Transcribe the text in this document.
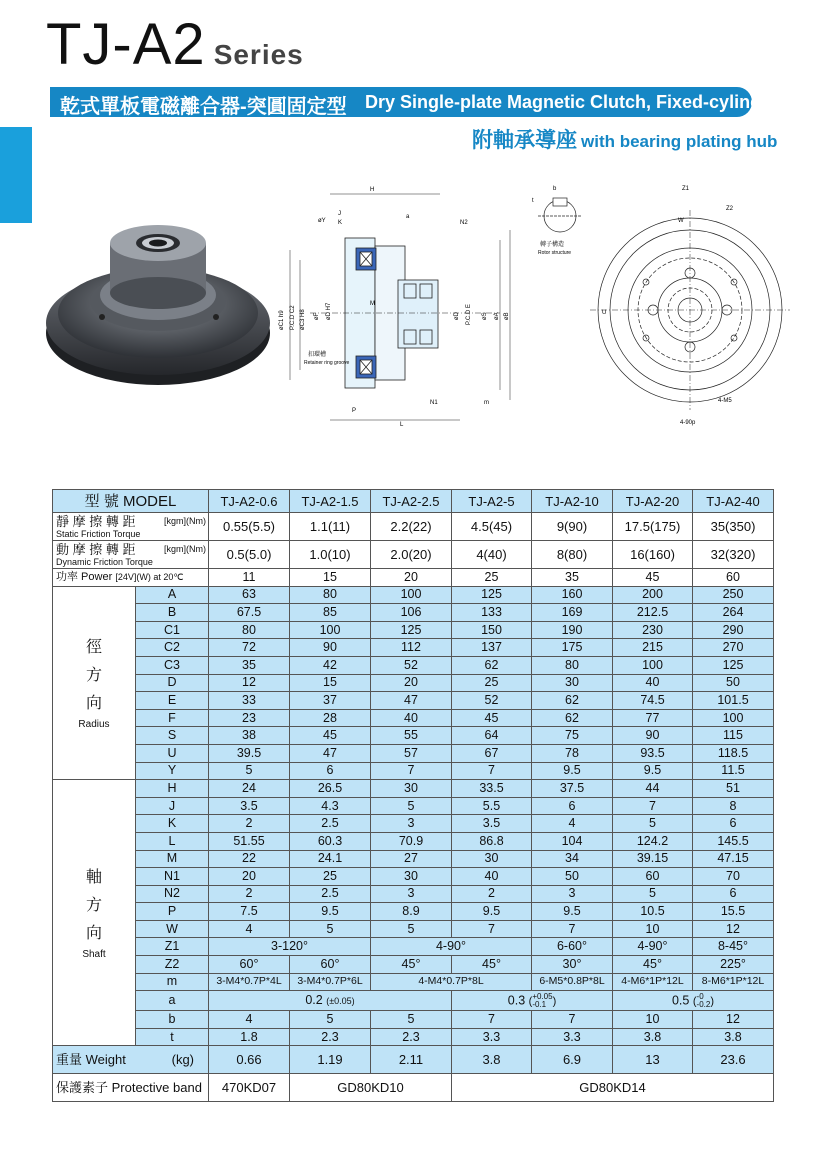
TJ-A2 Series
乾式單板電磁離合器-突圓固定型 Dry Single-plate Magnetic Clutch, Fixed-cylinder
附軸承導座 with bearing plating hub
H
J
K
øY
a
N2
M
N1	m
P
L
扣環槽
Retainer ring groove
øC1 h9 P.C.D C2 øC3 H8 øF øD H7	øD P.C.D E øS øA øB
b
t
轉子構造
Rotor structure
Z1
Z2
W
U
4-90p
4-M5
型 號 MODEL		TJ-A2-0.6	TJ-A2-1.5	TJ-A2-2.5	TJ-A2-5	TJ-A2-10	TJ-A2-20	TJ-A2-40
靜 摩 擦 轉 距 [kgm](Nm)
Static Friction Torque		0.55(5.5)	1.1(11)	2.2(22)	4.5(45)	9(90)	17.5(175)	35(350)
動 摩 擦 轉 距 [kgm](Nm)
Dynamic Friction Torque		0.5(5.0)	1.0(10)	2.0(20)	4(40)	8(80)	16(160)	32(320)
功率 Power [24V](W) at 20℃		11	15	20	25	35	45	60

徑
方
向
Radius	A	63	80	100	125	160	200	250
	B	67.5	85	106	133	169	212.5	264
	C1	80	100	125	150	190	230	290
	C2	72	90	112	137	175	215	270
	C3	35	42	52	62	80	100	125
	D	12	15	20	25	30	40	50
	E	33	37	47	52	62	74.5	101.5
	F	23	28	40	45	62	77	100
	S	38	45	55	64	75	90	115
	U	39.5	47	57	67	78	93.5	118.5
	Y	5	6	7	7	9.5	9.5	11.5

軸
方
向
Shaft	H	24	26.5	30	33.5	37.5	44	51
	J	3.5	4.3	5	5.5	6	7	8
	K	2	2.5	3	3.5	4	5	6
	L	51.55	60.3	70.9	86.8	104	124.2	145.5
	M	22	24.1	27	30	34	39.15	47.15
	N1	20	25	30	40	50	60	70
	N2	2	2.5	3	2	3	5	6
	P	7.5	9.5	8.9	9.5	9.5	10.5	15.5
	W	4	5	5	7	7	10	12
	Z1	3-120°		4-90°		6-60°	4-90°	8-45°
	Z2	60°	60°	45°	45°	30°	45°	225°
	m	3-M4*0.7P*4L	3-M4*0.7P*6L	4-M4*0.7P*8L		6-M5*0.8P*8L	4-M6*1P*12L	8-M6*1P*12L
	a	0.2 (±0.05)			0.3 ( +0.05
-0.1 )		0.5 ( -0
-0.2 )	
	b	4	5	5	7	7	10	12
	t	1.8	2.3	2.3	3.3	3.3	3.8	3.8
重量 Weight (kg)		0.66	1.19	2.11	3.8	6.9	13	23.6
保護素子 Protective band		470KD07	GD80KD10		GD80KD14			
